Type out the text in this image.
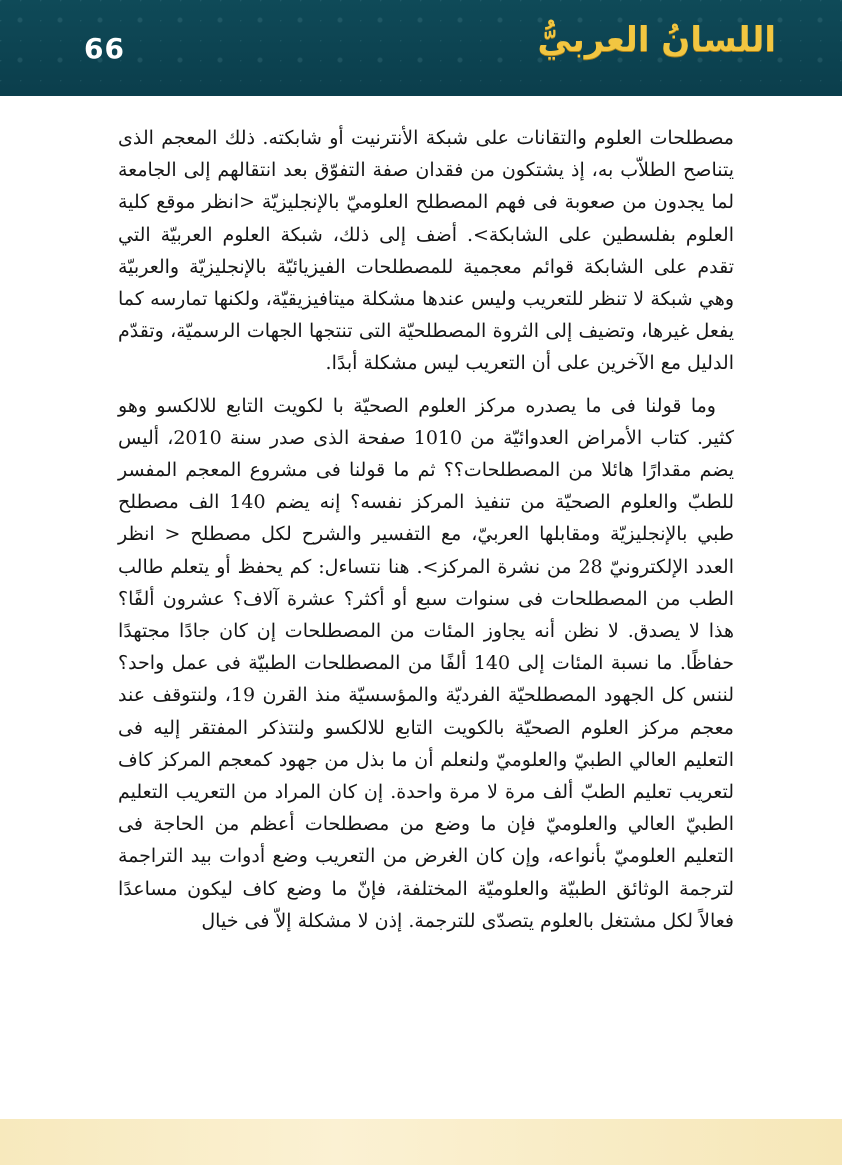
66	اللسانُ العربيُّ

مصطلحات العلوم والتقانات على شبكة الأنترنيت أو شابكته. ذلك المعجم الذى يتناصح الطلاّب به، إذ يشتكون من فقدان صفة التفوّق بعد انتقالهم إلى الجامعة لما يجدون من صعوبة فى فهم المصطلح العلوميّ بالإنجليزيّة <انظر موقع كلية العلوم بفلسطين على الشابكة>. أضف إلى ذلك، شبكة العلوم العربيّة التي تقدم على الشابكة قوائم معجمية للمصطلحات الفيزيائيّة بالإنجليزيّة والعربيّة وهي شبكة لا تنظر للتعريب وليس عندها مشكلة ميتافيزيقيّة، ولكنها تمارسه كما يفعل غيرها، وتضيف إلى الثروة المصطلحيّة التى تنتجها الجهات الرسميّة، وتقدّم الدليل مع الآخرين على أن التعريب ليس مشكلة أبدًا.

وما قولنا فى ما يصدره مركز العلوم الصحيّة با لكويت التابع للالكسو وهو كثير. كتاب الأمراض العدوائيّة من 1010 صفحة الذى صدر سنة 2010، أليس يضم مقدارًا هائلا من المصطلحات؟؟ ثم ما قولنا فى مشروع المعجم المفسر للطبّ والعلوم الصحيّة من تنفيذ المركز نفسه؟ إنه يضم 140 الف مصطلح طبي بالإنجليزيّة ومقابلها العربيّ، مع التفسير والشرح لكل مصطلح < انظر العدد الإلكترونيّ 28 من نشرة المركز>. هنا نتساءل: كم يحفظ أو يتعلم طالب الطب من المصطلحات فى سنوات سبع أو أكثر؟ عشرة آلاف؟ عشرون ألفًا؟ هذا لا يصدق. لا نظن أنه يجاوز المئات من المصطلحات إن كان جادًا مجتهدًا حفاظًا. ما نسبة المئات إلى 140 ألفًا من المصطلحات الطبيّة فى عمل واحد؟ لننس كل الجهود المصطلحيّة الفرديّة والمؤسسيّة منذ القرن 19، ولنتوقف عند معجم مركز العلوم الصحيّة بالكويت التابع للالكسو ولنتذكر المفتقر إليه فى التعليم العالي الطبيّ والعلوميّ ولنعلم أن ما بذل من جهود كمعجم المركز كاف لتعريب تعليم الطبّ ألف مرة لا مرة واحدة. إن كان المراد من التعريب التعليم الطبيّ العالي والعلوميّ فإن ما وضع من مصطلحات أعظم من الحاجة فى التعليم العلوميّ بأنواعه، وإن كان الغرض من التعريب وضع أدوات بيد التراجمة لترجمة الوثائق الطبيّة والعلوميّة المختلفة، فإنّ ما وضع كاف ليكون مساعدًا فعالاً لكل مشتغل بالعلوم يتصدّى للترجمة. إذن لا مشكلة إلاّ فى خيال
